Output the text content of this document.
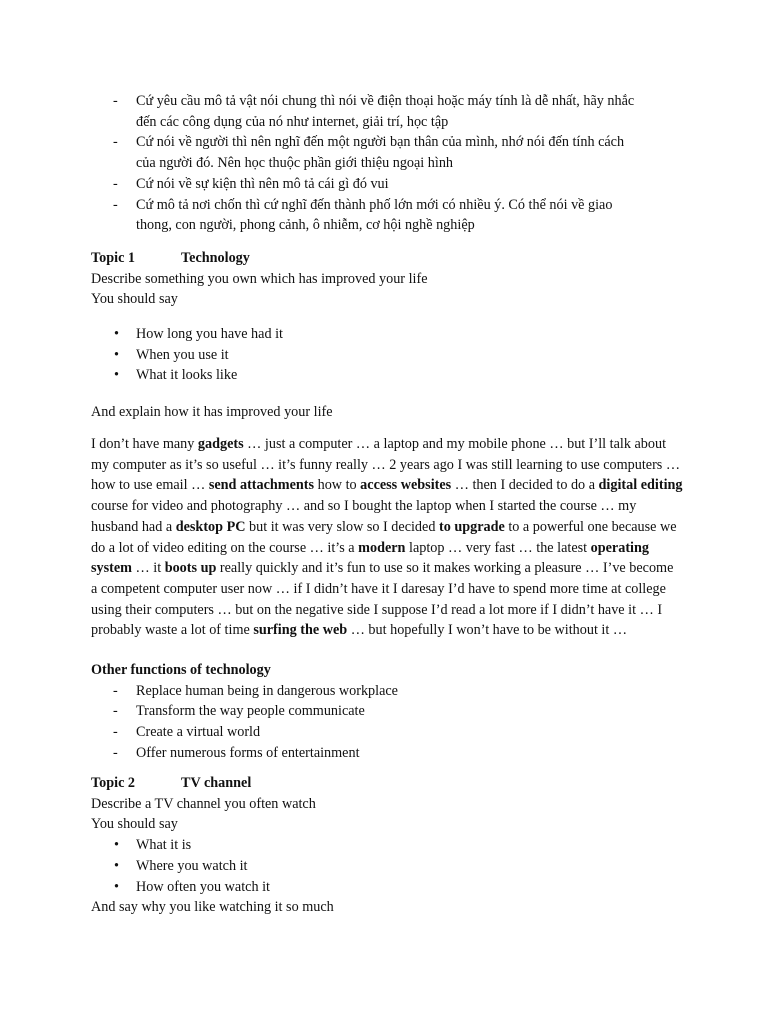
- Cứ yêu cầu mô tả vật nói chung thì nói về điện thoại hoặc máy tính là dễ nhất, hãy nhắc
đến các công dụng của nó như internet, giải trí, học tập
- Cứ nói về người thì nên nghĩ đến một người bạn thân của mình, nhớ nói đến tính cách
của người đó. Nên học thuộc phần giới thiệu ngoại hình
- Cứ nói về sự kiện thì nên mô tả cái gì đó vui
- Cứ mô tả nơi chốn thì cứ nghĩ đến thành phố lớn mới có nhiều ý. Có thể nói về giao
thong, con người, phong cảnh, ô nhiễm, cơ hội nghề nghiệp
Topic 1	Technology
Describe something you own which has improved your life
You should say
• How long you have had it
• When you use it
• What it looks like
And explain how it has improved your life
I don’t have many gadgets … just a computer … a laptop and my mobile phone … but I’ll talk about my computer as it’s so useful … it’s funny really … 2 years ago I was still learning to use computers … how to use email … send attachments how to access websites … then I decided to do a digital editing course for video and photography … and so I bought the laptop when I started the course … my husband had a desktop PC but it was very slow so I decided to upgrade to a powerful one because we do a lot of video editing on the course … it’s a modern laptop … very fast … the latest operating system … it boots up really quickly and it’s fun to use so it makes working a pleasure … I’ve become a competent computer user now … if I didn’t have it I daresay I’d have to spend more time at college using their computers … but on the negative side I suppose I’d read a lot more if I didn’t have it … I probably waste a lot of time surfing the web … but hopefully I won’t have to be without it …
Other functions of technology
- Replace human being in dangerous workplace
- Transform the way people communicate
- Create a virtual world
- Offer numerous forms of entertainment
Topic 2	TV channel
Describe a TV channel you often watch
You should say
• What it is
• Where you watch it
• How often you watch it
And say why you like watching it so much
